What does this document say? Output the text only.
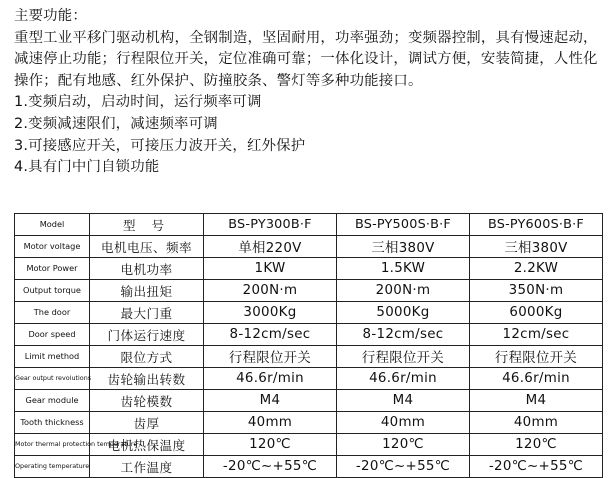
主要功能：
重型工业平移门驱动机构，全钢制造，坚固耐用，功率强劲；变频器控制，具有慢速起动，减速停止功能；行程限位开关，定位准确可靠；一体化设计，调试方便，安装简捷，人性化操作；配有地感、红外保护、防撞胶条、警灯等多种功能接口。
1.变频启动，启动时间，运行频率可调
2.变频减速限们，减速频率可调
3.可接感应开关，可接压力波开关，红外保护
4.具有门中门自锁功能
Model	型 号	BS-PY300B·F	BS-PY500S·B·F	BS-PY600S·B·F
Motor voltage	电机电压、频率	单相220V	三相380V	三相380V
Motor Power	电机功率	1KW	1.5KW	2.2KW
Output torque	输出扭矩	200N·m	200N·m	350N·m
The door	最大门重	3000Kg	5000Kg	6000Kg
Door speed	门体运行速度	8-12cm/sec	8-12cm/sec	12cm/sec
Limit method	限位方式	行程限位开关	行程限位开关	行程限位开关
Gear output revolutions	齿轮输出转数	46.6r/min	46.6r/min	46.6r/min
Gear module	齿轮模数	M4	M4	M4
Tooth thickness	齿厚	40mm	40mm	40mm
Motor thermal protection temperature	电机热保温度	120℃	120℃	120℃
Operating temperature	工作温度	-20℃~+55℃	-20℃~+55℃	-20℃~+55℃
